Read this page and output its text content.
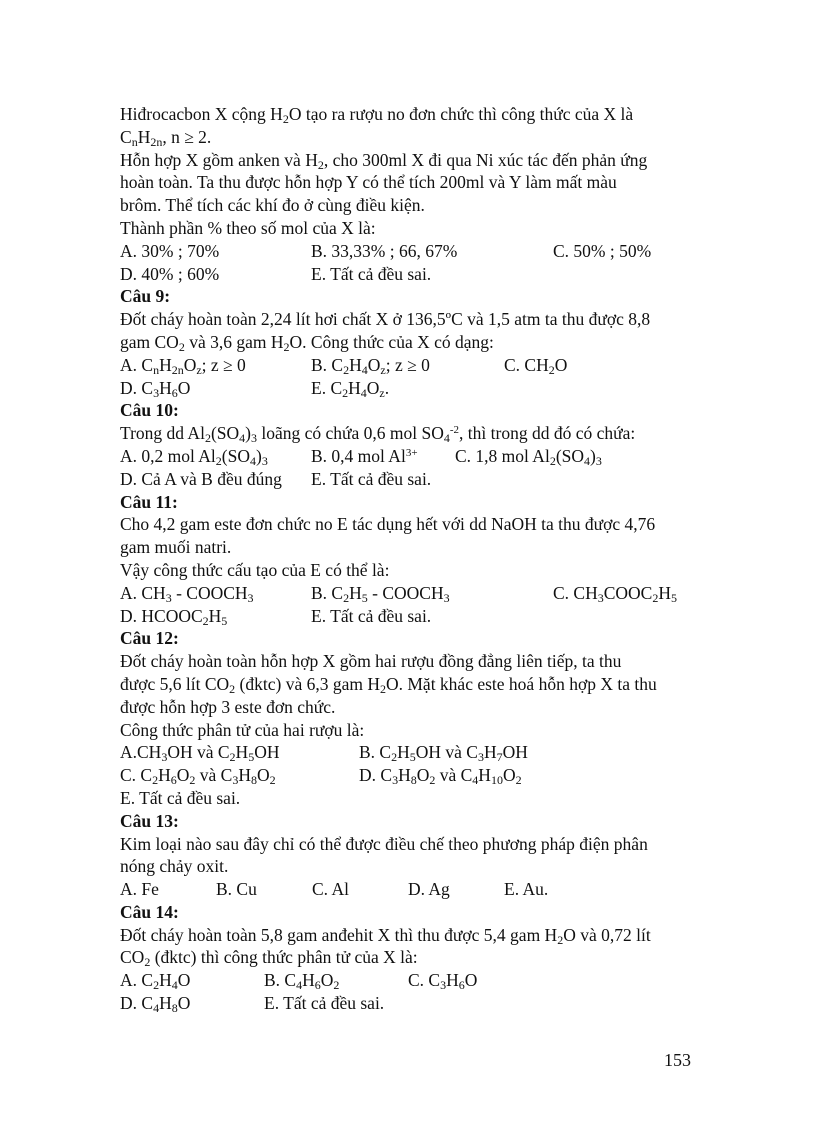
Hiđrocacbon X cộng $H_2O$ tạo ra rượu no đơn chức thì công thức của X là
$C_nH_{2n}$, n ≥ 2.
Hỗn hợp X gồm anken và $H_2$, cho 300ml X đi qua Ni xúc tác đến phản ứng
hoàn toàn. Ta thu được hỗn hợp Y có thể tích 200ml và Y làm mất màu
brôm. Thể tích các khí đo ở cùng điều kiện.
Thành phần % theo số mol của X là:
A. 30% ; 70%	B. 33,33% ; 66, 67%	C. 50% ; 50%
D. 40% ; 60%	E. Tất cả đều sai.
Câu 9:
Đốt cháy hoàn toàn 2,24 lít hơi chất X ở 136,5ºC và 1,5 atm ta thu được 8,8
gam $CO_2$ và 3,6 gam $H_2O$. Công thức của X có dạng:
A. $C_nH_{2n}O_z$; z ≥ 0	B. $C_2H_4O_z$; z ≥ 0	C. $CH_2O$
D. $C_3H_6O$	E. $C_2H_4O_z$.
Câu 10:
Trong dd $Al_2(SO_4)_3$ loãng có chứa 0,6 mol $SO_4^{-2}$, thì trong dd đó có chứa:
A. 0,2 mol $Al_2(SO_4)_3$ B. 0,4 mol $Al^{3+}$ C. 1,8 mol $Al_2(SO_4)_3$
D. Cả A và B đều đúng E. Tất cả đều sai.
Câu 11:
Cho 4,2 gam este đơn chức no E tác dụng hết với dd NaOH ta thu được 4,76
gam muối natri.
Vậy công thức cấu tạo của E có thể là:
A. $CH_3$ - $COOCH_3$	B. $C_2H_5$ - $COOCH_3$	C. $CH_3COOC_2H_5$
D. $HCOOC_2H_5$	E. Tất cả đều sai.
Câu 12:
Đốt cháy hoàn toàn hỗn hợp X gồm hai rượu đồng đẳng liên tiếp, ta thu
được 5,6 lít $CO_2$ (đktc) và 6,3 gam $H_2O$. Mặt khác este hoá hỗn hợp X ta thu
được hỗn hợp 3 este đơn chức.
Công thức phân tử của hai rượu là:
$A.CH_3OH$ và $C_2H_5OH$	B. $C_2H_5OH$ và $C_3H_7OH$
C. $C_2H_6O_2$ và $C_3H_8O_2$	D. $C_3H_8O_2$ và $C_4H_{10}O_2$
E. Tất cả đều sai.
Câu 13:
Kim loại nào sau đây chỉ có thể được điều chế theo phương pháp điện phân
nóng chảy oxit.
A. Fe	B. Cu	C. Al	D. Ag	E. Au.
Câu 14:
Đốt cháy hoàn toàn 5,8 gam anđehit X thì thu được 5,4 gam $H_2O$ và 0,72 lít
$CO_2$ (đktc) thì công thức phân tử của X là:
A. $C_2H_4O$	B. $C_4H_6O_2$	C. $C_3H_6O$
D. $C_4H_8O$	E. Tất cả đều sai.
153
